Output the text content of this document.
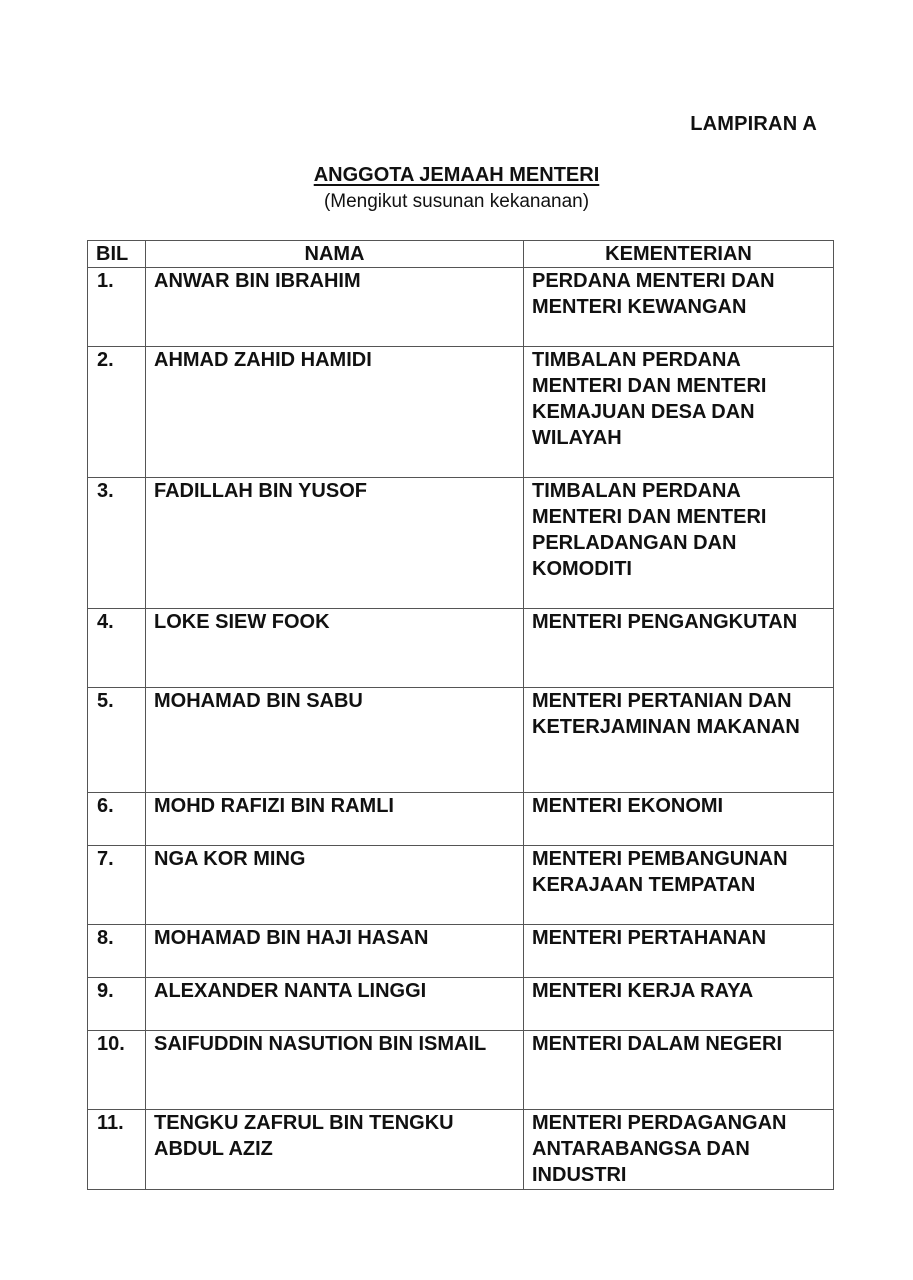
LAMPIRAN A
ANGGOTA JEMAAH MENTERI
(Mengikut susunan kekananan)
BIL	NAMA	KEMENTERIAN
1.	ANWAR BIN IBRAHIM	PERDANA MENTERI DAN MENTERI KEWANGAN
2.	AHMAD ZAHID HAMIDI	TIMBALAN PERDANA MENTERI DAN MENTERI KEMAJUAN DESA DAN WILAYAH
3.	FADILLAH BIN YUSOF	TIMBALAN PERDANA MENTERI DAN MENTERI PERLADANGAN DAN KOMODITI
4.	LOKE SIEW FOOK	MENTERI PENGANGKUTAN
5.	MOHAMAD BIN SABU	MENTERI PERTANIAN DAN KETERJAMINAN MAKANAN
6.	MOHD RAFIZI BIN RAMLI	MENTERI EKONOMI
7.	NGA KOR MING	MENTERI PEMBANGUNAN KERAJAAN TEMPATAN
8.	MOHAMAD BIN HAJI HASAN	MENTERI PERTAHANAN
9.	ALEXANDER NANTA LINGGI	MENTERI KERJA RAYA
10.	SAIFUDDIN NASUTION BIN ISMAIL	MENTERI DALAM NEGERI
11.	TENGKU ZAFRUL BIN TENGKU ABDUL AZIZ	MENTERI PERDAGANGAN ANTARABANGSA DAN INDUSTRI
